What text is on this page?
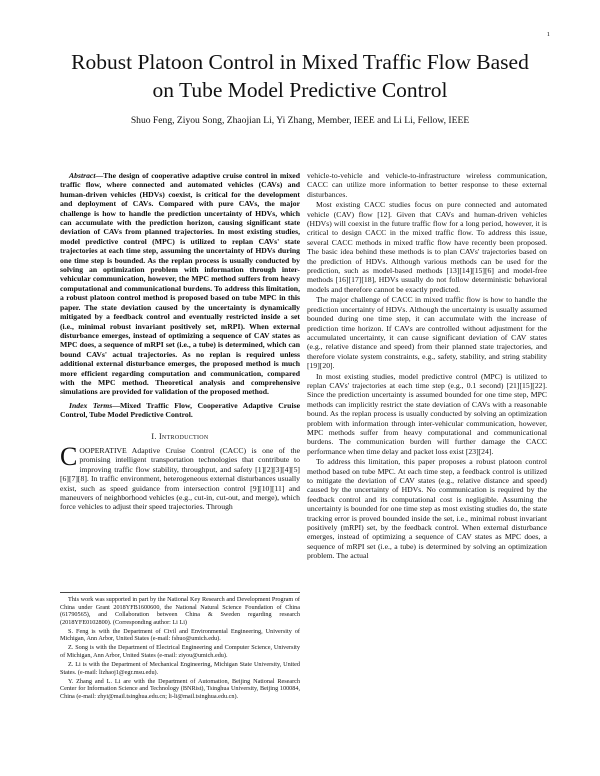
1
Robust Platoon Control in Mixed Traffic Flow Based on Tube Model Predictive Control
Shuo Feng, Ziyou Song, Zhaojian Li, Yi Zhang, Member, IEEE and Li Li, Fellow, IEEE
Abstract—The design of cooperative adaptive cruise control in mixed traffic flow, where connected and automated vehicles (CAVs) and human-driven vehicles (HDVs) coexist, is critical for the development and deployment of CAVs. Compared with pure CAVs, the major challenge is how to handle the prediction uncertainty of HDVs, which can accumulate with the prediction horizon, causing significant state deviation of CAVs from planned trajectories. In most existing studies, model predictive control (MPC) is utilized to replan CAVs' state trajectories at each time step, assuming the uncertainty of HDVs during one time step is bounded. As the replan process is usually conducted by solving an optimization problem with information through inter-vehicular communication, however, the MPC method suffers from heavy computational and communicational burdens. To address this limitation, a robust platoon control method is proposed based on tube MPC in this paper. The state deviation caused by the uncertainty is dynamically mitigated by a feedback control and eventually restricted inside a set (i.e., minimal robust invariant positively set, mRPI). When external disturbance emerges, instead of optimizing a sequence of CAV states as MPC does, a sequence of mRPI set (i.e., a tube) is determined, which can bound CAVs' actual trajectories. As no replan is required unless additional external disturbance emerges, the proposed method is much more efficient regarding computation and communication, compared with the MPC method. Theoretical analysis and comprehensive simulations are provided for validation of the proposed method.
Index Terms—Mixed Traffic Flow, Cooperative Adaptive Cruise Control, Tube Model Predictive Control.
I. Introduction
COOPERATIVE Adaptive Cruise Control (CACC) is one of the promising intelligent transportation technologies that contribute to improving traffic flow stability, throughput, and safety [1][2][3][4][5][6][7][8]. In traffic environment, heterogeneous external disturbances usually exist, such as speed guidance from intersection control [9][10][11] and maneuvers of neighborhood vehicles (e.g., cut-in, cut-out, and merge), which force vehicles to adjust their speed trajectories. Through

This work was supported in part by the National Key Research and Development Program of China under Grant 2018YFB1600600, the National Natural Science Foundation of China (61790565), and Collaboration between China & Sweden regarding research (2018YFE0102800). (Corresponding author: Li Li)

S. Feng is with the Department of Civil and Environmental Engineering, University of Michigan, Ann Arbor, United States (e-mail: fshuo@umich.edu).

Z. Song is with the Department of Electrical Engineering and Computer Science, University of Michigan, Ann Arbor, United States (e-mail: ziyou@umich.edu).

Z. Li is with the Department of Mechanical Engineering, Michigan State University, United States. (e-mail: lizhaoj1@egr.msu.edu).

Y. Zhang and L. Li are with the Department of Automation, Beijing National Research Center for Information Science and Technology (BNRist), Tsinghua University, Beijing 100084, China (e-mail: zhyi@mail.tsinghua.edu.cn; li-li@mail.tsinghua.edu.cn).

vehicle-to-vehicle and vehicle-to-infrastructure wireless communication, CACC can utilize more information to better response to these external disturbances.

Most existing CACC studies focus on pure connected and automated vehicle (CAV) flow [12]. Given that CAVs and human-driven vehicles (HDVs) will coexist in the future traffic flow for a long period, however, it is critical to design CACC in the mixed traffic flow. To address this issue, several CACC methods in mixed traffic flow have recently been proposed. The basic idea behind these methods is to plan CAVs' trajectories based on the prediction of HDVs. Although various methods can be used for the prediction, such as model-based methods [13][14][15][6] and model-free methods [16][17][18], HDVs usually do not follow deterministic behavioral models and therefore cannot be exactly predicted.

The major challenge of CACC in mixed traffic flow is how to handle the prediction uncertainty of HDVs. Although the uncertainty is usually assumed bounded during one time step, it can accumulate with the increase of prediction time horizon. If CAVs are controlled without adjustment for the accumulated uncertainty, it can cause significant deviation of CAV states (e.g., relative distance and speed) from their planned state trajectories, and therefore violate system constraints, e.g., safety, stability, and string stability [19][20].

In most existing studies, model predictive control (MPC) is utilized to replan CAVs' trajectories at each time step (e.g., 0.1 second) [21][15][22]. Since the prediction uncertainty is assumed bounded for one time step, MPC methods can implicitly restrict the state deviation of CAVs with a reasonable bound. As the replan process is usually conducted by solving an optimization problem with information through inter-vehicular communication, however, MPC methods suffer from heavy computational and communicational burdens. The communication burden will further damage the CACC performance when time delay and packet loss exist [23][24].

To address this limitation, this paper proposes a robust platoon control method based on tube MPC. At each time step, a feedback control is utilized to mitigate the deviation of CAV states (e.g., relative distance and speed) caused by the uncertainty of HDVs. No communication is required by the feedback control and its computational cost is negligible. Assuming the uncertainty is bounded for one time step as most existing studies do, the state tracking error is proved bounded inside the set, i.e., minimal robust invariant positively (mRPI) set, by the feedback control. When external disturbance emerges, instead of optimizing a sequence of CAV states as MPC does, a sequence of mRPI set (i.e., a tube) is determined by solving an optimization problem. The actual
